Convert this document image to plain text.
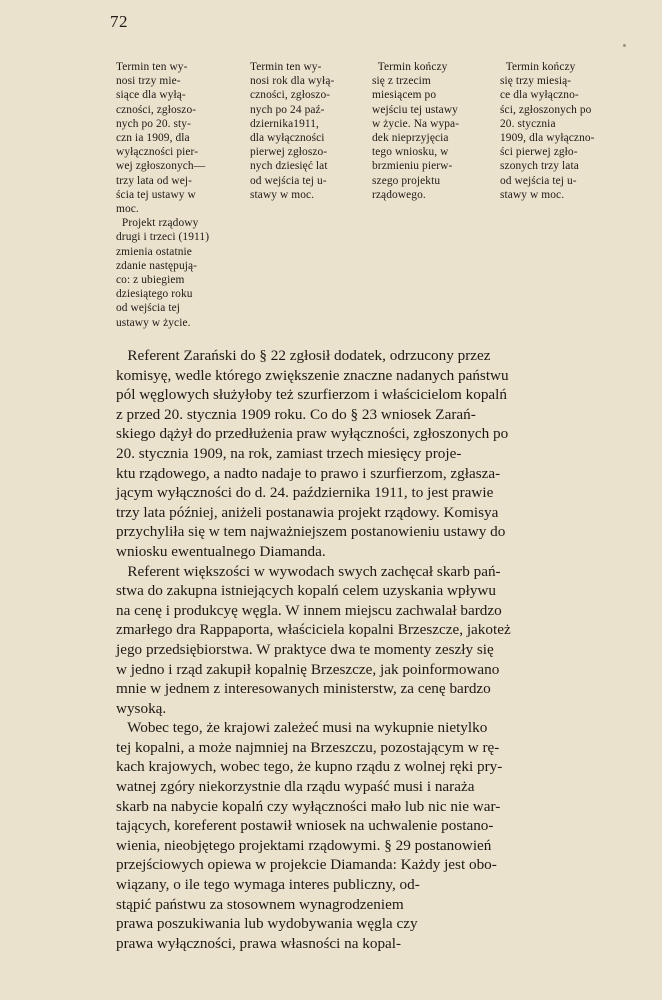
72
Termin ten wy-
nosi trzy mie-
siące dla wyłą-
czności, zgłoszo-
nych po 20. sty-
czn ia 1909, dla
wyłączności pier-
wej zgłoszonych—
trzy lata od wej-
ścia tej ustawy w
moc.
Projekt rządowy
drugi i trzeci (1911)
zmienia ostatnie
zdanie następują-
co: z ubiegiem
dziesiątego roku
od wejścia tej
ustawy w życie.
Termin ten wy-
nosi rok dla wyłą-
czności, zgłoszo-
nych po 24 paź-
dziernika1911,
dla wyłączności
pierwej zgłoszo-
nych dziesięć lat
od wejścia tej u-
stawy w moc.
Termin kończy
się z trzecim
miesiącem po
wejściu tej ustawy
w życie. Na wypa-
dek nieprzyjęcia
tego wniosku, w
brzmieniu pierw-
szego projektu
rządowego.
Termin kończy
się trzy miesią-
ce dla wyłączno-
ści, zgłoszonych po
20. stycznia
1909, dla wyłączno-
ści pierwej zgło-
szonych trzy lata
od wejścia tej u-
stawy w moc.
Referent Zarański do § 22 zgłosił dodatek, odrzucony przez
komisyę, wedle którego zwiększenie znaczne nadanych państwu
pól węglowych służyłoby też szurfierzom i właścicielom kopalń
z przed 20. stycznia 1909 roku. Co do § 23 wniosek Zarań-
skiego dążył do przedłużenia praw wyłączności, zgłoszonych po
20. stycznia 1909, na rok, zamiast trzech miesięcy proje-
ktu rządowego, a nadto nadaje to prawo i szurfierzom, zgłasza-
jącym wyłączności do d. 24. października 1911, to jest prawie
trzy lata później, aniżeli postanawia projekt rządowy. Komisya
przychyliła się w tem najważniejszem postanowieniu ustawy do
wniosku ewentualnego Diamanda.
Referent większości w wywodach swych zachęcał skarb pań-
stwa do zakupna istniejących kopalń celem uzyskania wpływu
na cenę i produkcyę węgla. W innem miejscu zachwalał bardzo
zmarłego dra Rappaporta, właściciela kopalni Brzeszcze, jakoteż
jego przedsiębiorstwa. W praktyce dwa te momenty zeszły się
w jedno i rząd zakupił kopalnię Brzeszcze, jak poinformowano
mnie w jednem z interesowanych ministerstw, za cenę bardzo
wysoką.
Wobec tego, że krajowi zależeć musi na wykupnie nietylko
tej kopalni, a może najmniej na Brzeszczu, pozostającym w rę-
kach krajowych, wobec tego, że kupno rządu z wolnej ręki pry-
watnej zgóry niekorzystnie dla rządu wypaść musi i naraża
skarb na nabycie kopalń czy wyłączności mało lub nic nie war-
tających, koreferent postawił wniosek na uchwalenie postano-
wienia, nieobjętego projektami rządowymi. § 29 postanowień
przejściowych opiewa w projekcie Diamanda: Każdy jest obo-
wiązany, o ile tego wymaga interes publiczny, od-
stąpić państwu za stosownem wynagrodzeniem
prawa poszukiwania lub wydobywania węgla czy
prawa wyłączności, prawa własności na kopal-
